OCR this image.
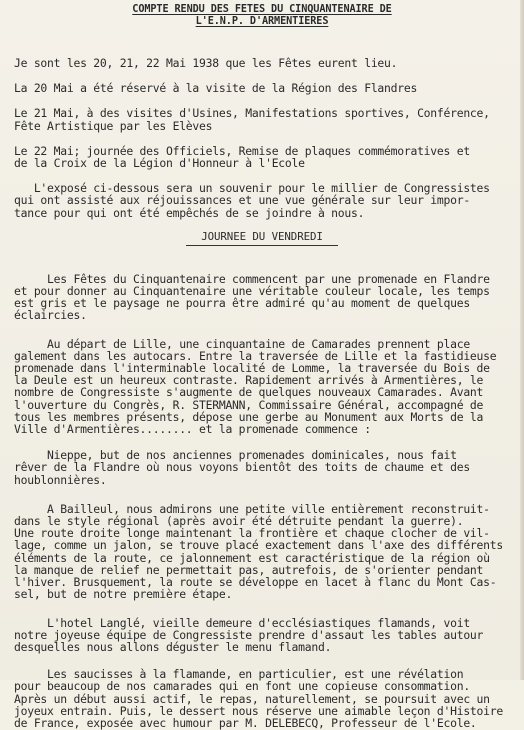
COMPTE RENDU DES FETES DU CINQUANTENAIRE DE
L'E.N.P. D'ARMENTIERES

Je sont les 20, 21, 22 Mai 1938 que les Fêtes eurent lieu.

La 20 Mai a été réservé à la visite de la Région des Flandres

Le 21 Mai, à des visites d'Usines, Manifestations sportives, Conférence,
Fête Artistique par les Elèves

Le 22 Mai; journée des Officiels, Remise de plaques commémoratives et
de la Croix de la Légion d'Honneur à l'Ecole

L'exposé ci-dessous sera un souvenir pour le millier de Congressistes
qui ont assisté aux réjouissances et une vue générale sur leur impor-
tance pour qui ont été empêchés de se joindre à nous.

JOURNEE DU VENDREDI

Les Fêtes du Cinquantenaire commencent par une promenade en Flandre
et pour donner au Cinquantenaire une véritable couleur locale, les temps
est gris et le paysage ne pourra être admiré qu'au moment de quelques
éclaircies.

Au départ de Lille, une cinquantaine de Camarades prennent place
galement dans les autocars. Entre la traversée de Lille et la fastidieuse
promenade dans l'interminable localité de Lomme, la traversée du Bois de
la Deule est un heureux contraste. Rapidement arrivés à Armentières, le
nombre de Congressiste s'augmente de quelques nouveaux Camarades. Avant
l'ouverture du Congrès, R. STERMANN, Commissaire Général, accompagné de
tous les membres présents, dépose une gerbe au Monument aux Morts de la
Ville d'Armentières........ et la promenade commence :

Nieppe, but de nos anciennes promenades dominicales, nous fait
rêver de la Flandre où nous voyons bientôt des toits de chaume et des
houblonnières.

A Bailleul, nous admirons une petite ville entièrement reconstruit-
dans le style régional (après avoir été détruite pendant la guerre).
Une route droite longe maintenant la frontière et chaque clocher de vil-
lage, comme un jalon, se trouve placé exactement dans l'axe des différents
éléments de la route, ce jalonnement est caractéristique de la région où
la manque de relief ne permettait pas, autrefois, de s'orienter pendant
l'hiver. Brusquement, la route se développe en lacet à flanc du Mont Cas-
sel, but de notre première étape.

L'hotel Langlé, vieille demeure d'ecclésiastiques flamands, voit
notre joyeuse équipe de Congressiste prendre d'assaut les tables autour
desquelles nous allons déguster le menu flamand.

Les saucisses à la flamande, en particulier, est une révélation
pour beaucoup de nos camarades qui en font une copieuse consommation.
Après un début aussi actif, le repas, naturellement, se poursuit avec un
joyeux entrain. Puis, le dessert nous réserve une aimable leçon d'Histoire
de France, exposée avec humour par M. DELEBECQ, Professeur de l'Ecole.
